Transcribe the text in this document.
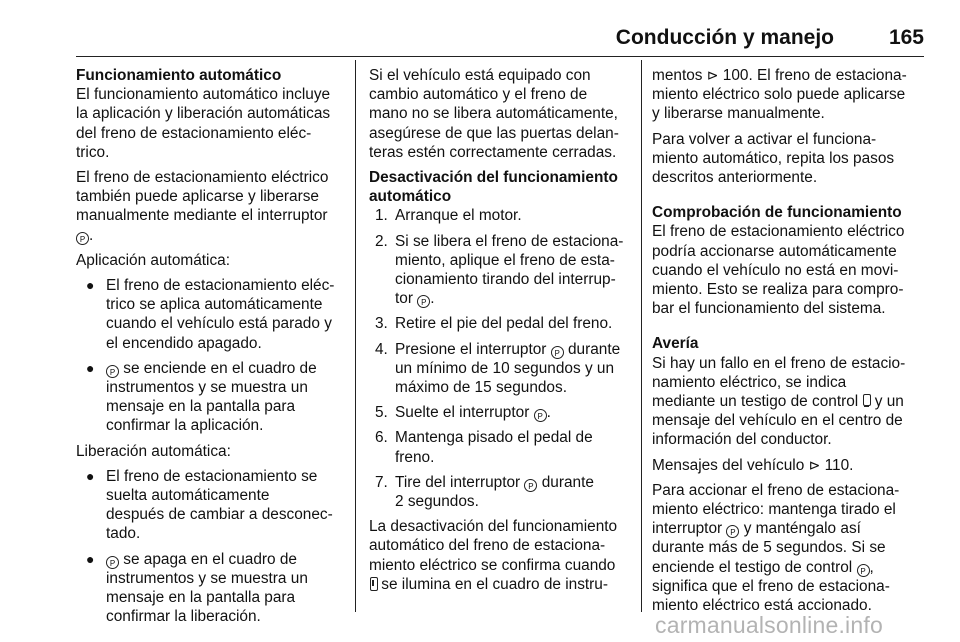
Conducción y manejo	165
Funcionamiento automático

El funcionamiento automático incluye
la aplicación y liberación automáticas
del freno de estacionamiento eléc-
trico.

El freno de estacionamiento eléctrico
también puede aplicarse y liberarse
manualmente mediante el interruptor
P .

Aplicación automática:

● El freno de estacionamiento eléc-
trico se aplica automáticamente
cuando el vehículo está parado y
el encendido apagado.
●	P se enciende en el cuadro de
instrumentos y se muestra un
mensaje en la pantalla para
confirmar la aplicación.

Liberación automática:

● El freno de estacionamiento se
suelta automáticamente
después de cambiar a desconec-
tado.
●	P se apaga en el cuadro de
instrumentos y se muestra un
mensaje en la pantalla para
confirmar la liberación.

Si el vehículo está equipado con
cambio automático y el freno de
mano no se libera automáticamente,
asegúrese de que las puertas delan-
teras estén correctamente cerradas.

Desactivación del funcionamiento
automático
1. Arranque el motor.
2. Si se libera el freno de estaciona-
miento, aplique el freno de esta-
cionamiento tirando del interrup-
tor P .
3. Retire el pie del pedal del freno.
4. Presione el interruptor P durante
un mínimo de 10 segundos y un
máximo de 15 segundos.
5. Suelte el interruptor P .
6. Mantenga pisado el pedal de
freno.
7. Tire del interruptor P durante
2 segundos.

La desactivación del funcionamiento
automático del freno de estaciona-
miento eléctrico se confirma cuando
se ilumina en el cuadro de instru-

mentos ⊳ 100. El freno de estaciona-
miento eléctrico solo puede aplicarse
y liberarse manualmente.

Para volver a activar el funciona-
miento automático, repita los pasos
descritos anteriormente.

Comprobación de funcionamiento

El freno de estacionamiento eléctrico
podría accionarse automáticamente
cuando el vehículo no está en movi-
miento. Esto se realiza para compro-
bar el funcionamiento del sistema.

Avería

Si hay un fallo en el freno de estacio-
namiento eléctrico, se indica
mediante un testigo de control  y un
mensaje del vehículo en el centro de
información del conductor.

Mensajes del vehículo ⊳ 110.

Para accionar el freno de estaciona-
miento eléctrico: mantenga tirado el
interruptor P y manténgalo así
durante más de 5 segundos. Si se
enciende el testigo de control P ,
significa que el freno de estaciona-
miento eléctrico está accionado.

carmanualsonline.info
